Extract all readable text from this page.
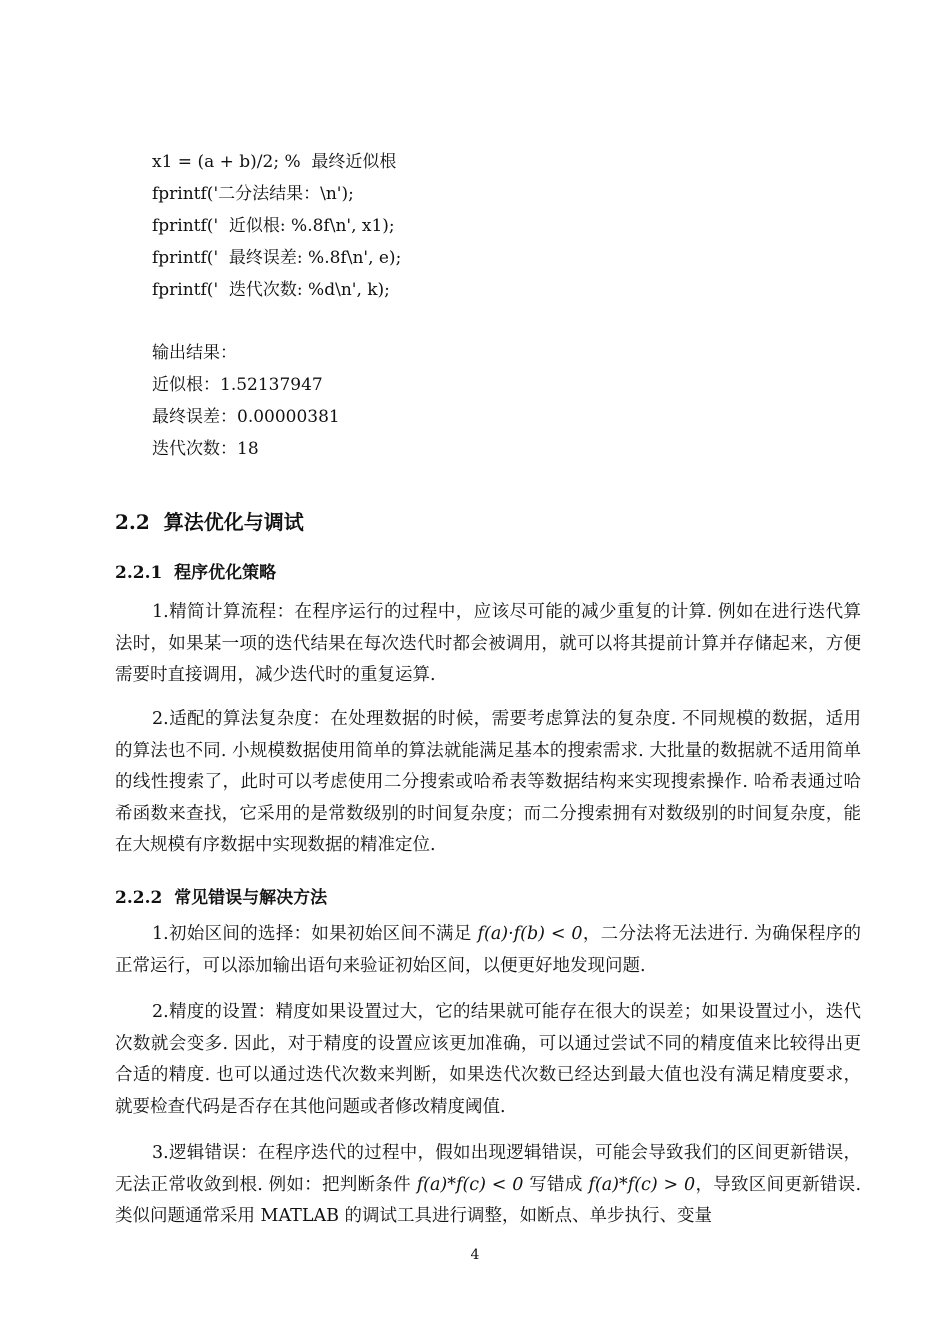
x1 = (a + b)/2; %  最终近似根
fprintf('二分法结果：\n');
fprintf('  近似根: %.8f\n', x1);
fprintf('  最终误差: %.8f\n', e);
fprintf('  迭代次数: %d\n', k);
输出结果：
近似根：1.52137947
最终误差：0.00000381
迭代次数：18
2.2  算法优化与调试
2.2.1  程序优化策略
1.精简计算流程：在程序运行的过程中，应该尽可能的减少重复的计算. 例如在进行迭代算法时，如果某一项的迭代结果在每次迭代时都会被调用，就可以将其提前计算并存储起来，方便需要时直接调用，减少迭代时的重复运算.
2.适配的算法复杂度：在处理数据的时候，需要考虑算法的复杂度. 不同规模的数据，适用的算法也不同. 小规模数据使用简单的算法就能满足基本的搜索需求. 大批量的数据就不适用简单的线性搜索了，此时可以考虑使用二分搜索或哈希表等数据结构来实现搜索操作. 哈希表通过哈希函数来查找，它采用的是常数级别的时间复杂度；而二分搜索拥有对数级别的时间复杂度，能在大规模有序数据中实现数据的精准定位.
2.2.2  常见错误与解决方法
1.初始区间的选择：如果初始区间不满足 f(a)·f(b) < 0，二分法将无法进行. 为确保程序的正常运行，可以添加输出语句来验证初始区间，以便更好地发现问题.
2.精度的设置：精度如果设置过大，它的结果就可能存在很大的误差；如果设置过小，迭代次数就会变多. 因此，对于精度的设置应该更加准确，可以通过尝试不同的精度值来比较得出更合适的精度. 也可以通过迭代次数来判断，如果迭代次数已经达到最大值也没有满足精度要求，就要检查代码是否存在其他问题或者修改精度阈值.
3.逻辑错误：在程序迭代的过程中，假如出现逻辑错误，可能会导致我们的区间更新错误，无法正常收敛到根. 例如：把判断条件 f(a)*f(c) < 0 写错成 f(a)*f(c) > 0，导致区间更新错误. 类似问题通常采用 MATLAB 的调试工具进行调整，如断点、单步执行、变量
4
